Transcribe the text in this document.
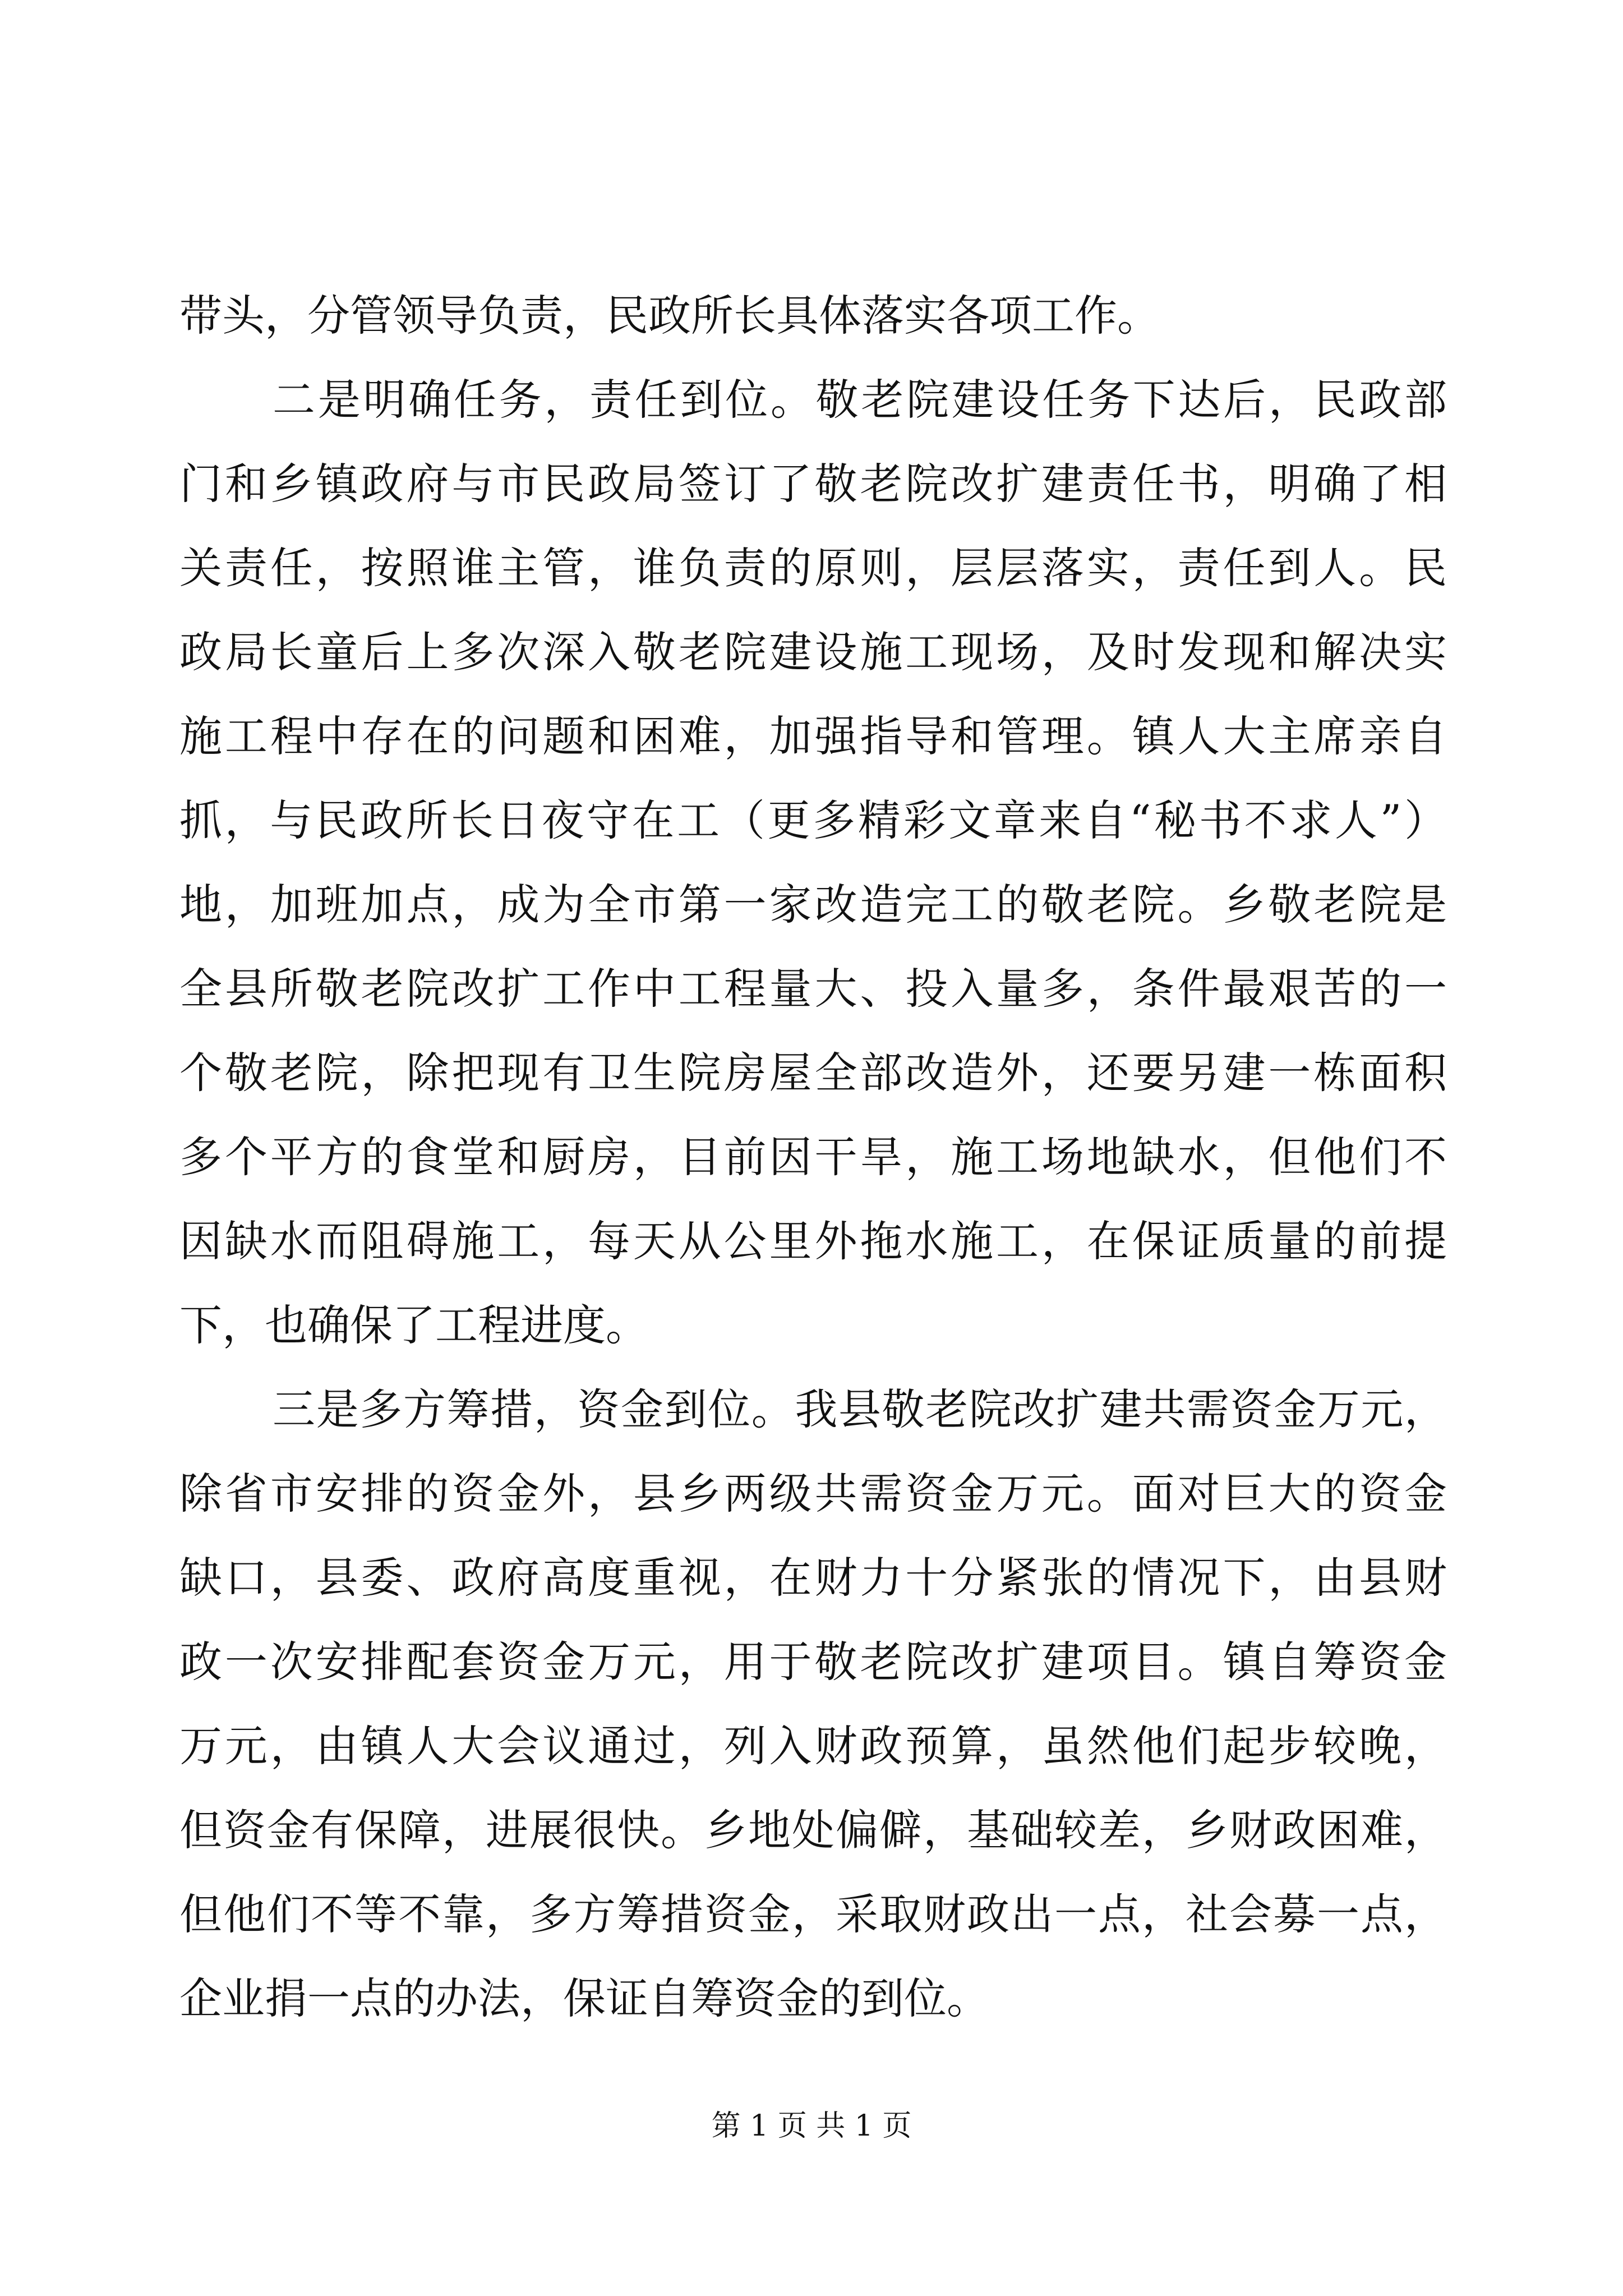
带头，分管领导负责，民政所长具体落实各项工作。
二是明确任务，责任到位。敬老院建设任务下达后，民政部
门和乡镇政府与市民政局签订了敬老院改扩建责任书，明确了相
关责任，按照谁主管，谁负责的原则，层层落实，责任到人。民
政局长童后上多次深入敬老院建设施工现场，及时发现和解决实
施工程中存在的问题和困难，加强指导和管理。镇人大主席亲自
抓，与民政所长日夜守在工（更多精彩文章来自“秘书不求人”）
地，加班加点，成为全市第一家改造完工的敬老院。乡敬老院是
全县所敬老院改扩工作中工程量大、投入量多，条件最艰苦的一
个敬老院，除把现有卫生院房屋全部改造外，还要另建一栋面积
多个平方的食堂和厨房，目前因干旱，施工场地缺水，但他们不
因缺水而阻碍施工，每天从公里外拖水施工，在保证质量的前提
下，也确保了工程进度。
三是多方筹措，资金到位。我县敬老院改扩建共需资金万元，
除省市安排的资金外，县乡两级共需资金万元。面对巨大的资金
缺口，县委、政府高度重视，在财力十分紧张的情况下，由县财
政一次安排配套资金万元，用于敬老院改扩建项目。镇自筹资金
万元，由镇人大会议通过，列入财政预算，虽然他们起步较晚，
但资金有保障，进展很快。乡地处偏僻，基础较差，乡财政困难，
但他们不等不靠，多方筹措资金，采取财政出一点，社会募一点，
企业捐一点的办法，保证自筹资金的到位。
第 1 页 共 1 页
